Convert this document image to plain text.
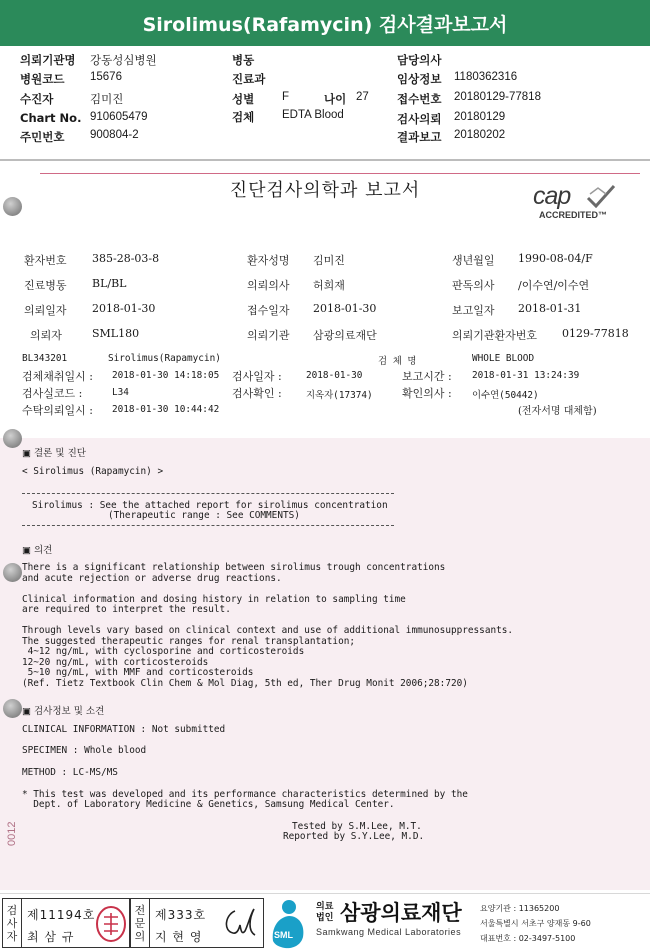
Sirolimus(Rafamycin) 검사결과보고서
의뢰기관명 강동성심병원
병원코드 15676
수진자	김미진
Chart No. 910605479
주민번호 900804-2
병동
진료과
성별 F	나이 27
검체 EDTA Blood
담당의사
임상정보 1180362316
접수번호 20180129-77818
검사의뢰 20180129
결과보고 20180202
진단검사의학과 보고서	cap
ACCREDITED™
환자번호 385-28-03-8	환자성명 김미진	생년월일 1990-08-04/F
진료병동 BL/BL	의뢰의사 허희재	판독의사 /이수연/이수연
의뢰일자 2018-01-30	접수일자 2018-01-30	보고일자 2018-01-31
의뢰자	SML180	의뢰기관 삼광의료재단	의뢰기관환자번호 0129-77818
BL343201	Sirolimus(Rapamycin)	검 체 명	WHOLE BLOOD
검체채취일시 : 2018-01-30 14:18:05 검사일자 :	2018-01-30	보고시간 : 2018-01-31 13:24:39
검사실코드 :	L34	검사확인 :	지옥자(17374)	확인의사 : 이수연(50442)
수탁의뢰일시 : 2018-01-30 10:44:42	(전자서명 대체함)
▣ 결론 및 진단
< Sirolimus (Rapamycin) >
Sirolimus : See the attached report for sirolimus concentration
(Therapeutic range : See COMMENTS)
▣ 의견
There is a significant relationship between sirolimus trough concentrations
and acute rejection or adverse drug reactions.
Clinical information and dosing history in relation to sampling time
are required to interpret the result.
Through levels vary based on clinical context and use of additional immunosuppressants.
The suggested therapeutic ranges for renal transplantation;
4~12 ng/mL, with cyclosporine and corticosteroids
12~20 ng/mL, with corticosteroids
5~10 ng/mL, with MMF and corticosteroids
(Ref. Tietz Textbook Clin Chem & Mol Diag, 5th ed, Ther Drug Monit 2006;28:720)
▣ 검사정보 및 소견
CLINICAL INFORMATION : Not submitted
SPECIMEN : Whole blood
METHOD : LC-MS/MS
* This test was developed and its performance characteristics determined by the
Dept. of Laboratory Medicine & Genetics, Samsung Medical Center.
Tested by S.M.Lee, M.T.
Reported by S.Y.Lee, M.D.
0012
검사자
제11194호
최 삼 규
전문의
제333호
지 현 영	SML
의료
법인 삼광의료재단
Samkwang Medical Laboratories
요양기관 : 11365200
서울특별시 서초구 양재동 9-60
대표번호 : 02-3497-5100
